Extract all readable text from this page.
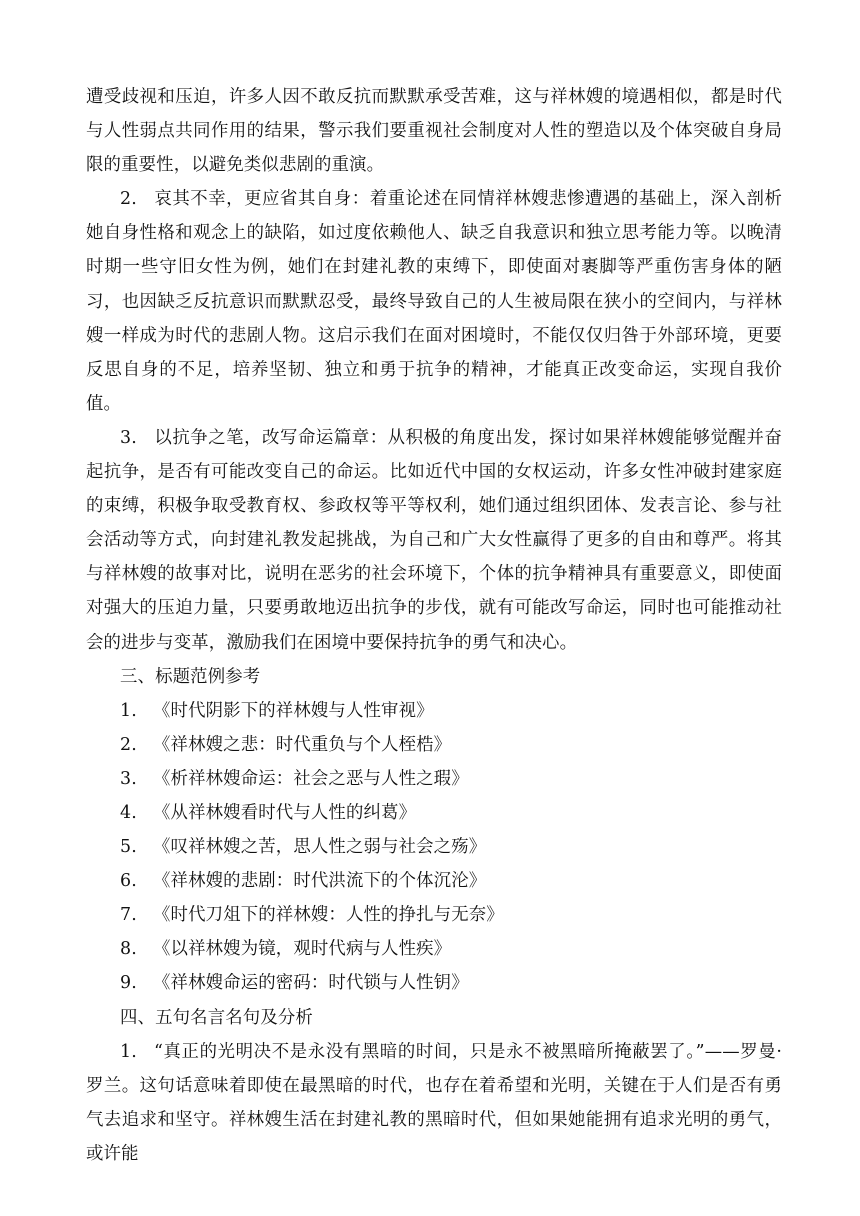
遭受歧视和压迫，许多人因不敢反抗而默默承受苦难，这与祥林嫂的境遇相似，都是时代与人性弱点共同作用的结果，警示我们要重视社会制度对人性的塑造以及个体突破自身局限的重要性，以避免类似悲剧的重演。

2. 哀其不幸，更应省其自身：着重论述在同情祥林嫂悲惨遭遇的基础上，深入剖析她自身性格和观念上的缺陷，如过度依赖他人、缺乏自我意识和独立思考能力等。以晚清时期一些守旧女性为例，她们在封建礼教的束缚下，即使面对裹脚等严重伤害身体的陋习，也因缺乏反抗意识而默默忍受，最终导致自己的人生被局限在狭小的空间内，与祥林嫂一样成为时代的悲剧人物。这启示我们在面对困境时，不能仅仅归咎于外部环境，更要反思自身的不足，培养坚韧、独立和勇于抗争的精神，才能真正改变命运，实现自我价值。

3. 以抗争之笔，改写命运篇章：从积极的角度出发，探讨如果祥林嫂能够觉醒并奋起抗争，是否有可能改变自己的命运。比如近代中国的女权运动，许多女性冲破封建家庭的束缚，积极争取受教育权、参政权等平等权利，她们通过组织团体、发表言论、参与社会活动等方式，向封建礼教发起挑战，为自己和广大女性赢得了更多的自由和尊严。将其与祥林嫂的故事对比，说明在恶劣的社会环境下，个体的抗争精神具有重要意义，即使面对强大的压迫力量，只要勇敢地迈出抗争的步伐，就有可能改写命运，同时也可能推动社会的进步与变革，激励我们在困境中要保持抗争的勇气和决心。

三、标题范例参考

1. 《时代阴影下的祥林嫂与人性审视》

2. 《祥林嫂之悲：时代重负与个人桎梏》

3. 《析祥林嫂命运：社会之恶与人性之瑕》

4. 《从祥林嫂看时代与人性的纠葛》

5. 《叹祥林嫂之苦，思人性之弱与社会之殇》

6. 《祥林嫂的悲剧：时代洪流下的个体沉沦》

7. 《时代刀俎下的祥林嫂：人性的挣扎与无奈》

8. 《以祥林嫂为镜，观时代病与人性疾》

9. 《祥林嫂命运的密码：时代锁与人性钥》

四、五句名言名句及分析

1. “真正的光明决不是永没有黑暗的时间，只是永不被黑暗所掩蔽罢了。”——罗曼·罗兰。这句话意味着即使在最黑暗的时代，也存在着希望和光明，关键在于人们是否有勇气去追求和坚守。祥林嫂生活在封建礼教的黑暗时代，但如果她能拥有追求光明的勇气，或许能
